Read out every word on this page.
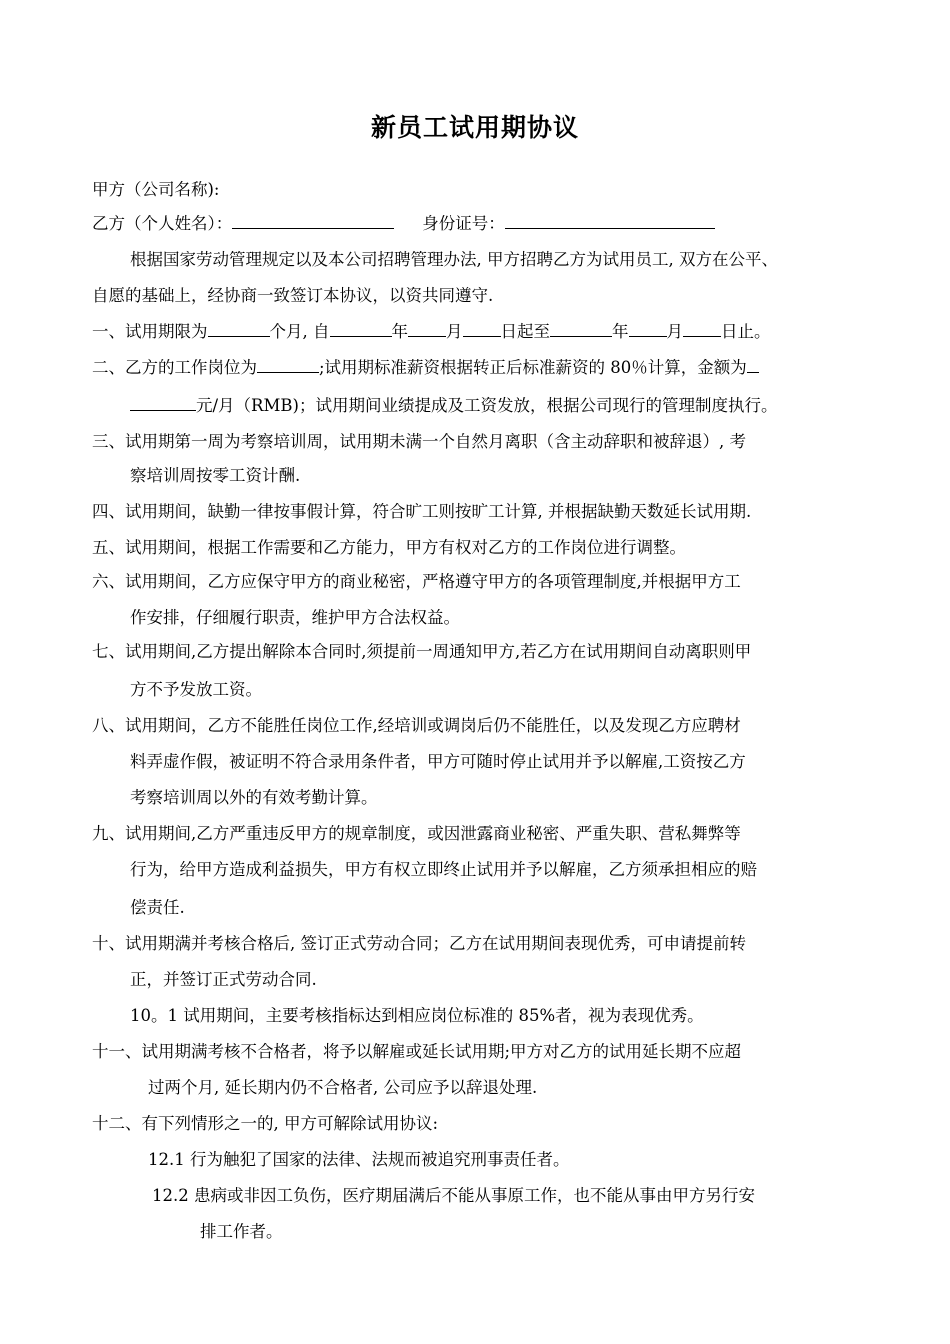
新员工试用期协议
甲方（公司名称):
乙方（个人姓名）：	身份证号：
根据国家劳动管理规定以及本公司招聘管理办法, 甲方招聘乙方为试用员工, 双方在公平、
自愿的基础上，经协商一致签订本协议，以资共同遵守.
一、试用期限为	个月, 自	年 月 日起至	年 月 日止。
二、乙方的工作岗位为	;试用期标准薪资根据转正后标准薪资的 80％计算，金额为
元/月（RMB)；试用期间业绩提成及工资发放，根据公司现行的管理制度执行。
三、试用期第一周为考察培训周，试用期未满一个自然月离职（含主动辞职和被辞退）, 考
察培训周按零工资计酬.
四、试用期间，缺勤一律按事假计算，符合旷工则按旷工计算, 并根据缺勤天数延长试用期.
五、试用期间，根据工作需要和乙方能力，甲方有权对乙方的工作岗位进行调整。
六、试用期间，乙方应保守甲方的商业秘密，严格遵守甲方的各项管理制度,并根据甲方工
作安排，仔细履行职责，维护甲方合法权益。
七、试用期间,乙方提出解除本合同时,须提前一周通知甲方,若乙方在试用期间自动离职则甲
方不予发放工资。
八、试用期间，乙方不能胜任岗位工作,经培训或调岗后仍不能胜任，以及发现乙方应聘材
料弄虚作假，被证明不符合录用条件者，甲方可随时停止试用并予以解雇,工资按乙方
考察培训周以外的有效考勤计算。
九、试用期间,乙方严重违反甲方的规章制度，或因泄露商业秘密、严重失职、营私舞弊等
行为，给甲方造成利益损失，甲方有权立即终止试用并予以解雇，乙方须承担相应的赔
偿责任.
十、试用期满并考核合格后, 签订正式劳动合同；乙方在试用期间表现优秀，可申请提前转
正，并签订正式劳动合同.
10。1 试用期间，主要考核指标达到相应岗位标准的 85%者，视为表现优秀。
十一、试用期满考核不合格者，将予以解雇或延长试用期;甲方对乙方的试用延长期不应超
过两个月, 延长期内仍不合格者, 公司应予以辞退处理.
十二、有下列情形之一的, 甲方可解除试用协议:
12.1 行为触犯了国家的法律、法规而被追究刑事责任者。
12.2 患病或非因工负伤，医疗期届满后不能从事原工作，也不能从事由甲方另行安
排工作者。
